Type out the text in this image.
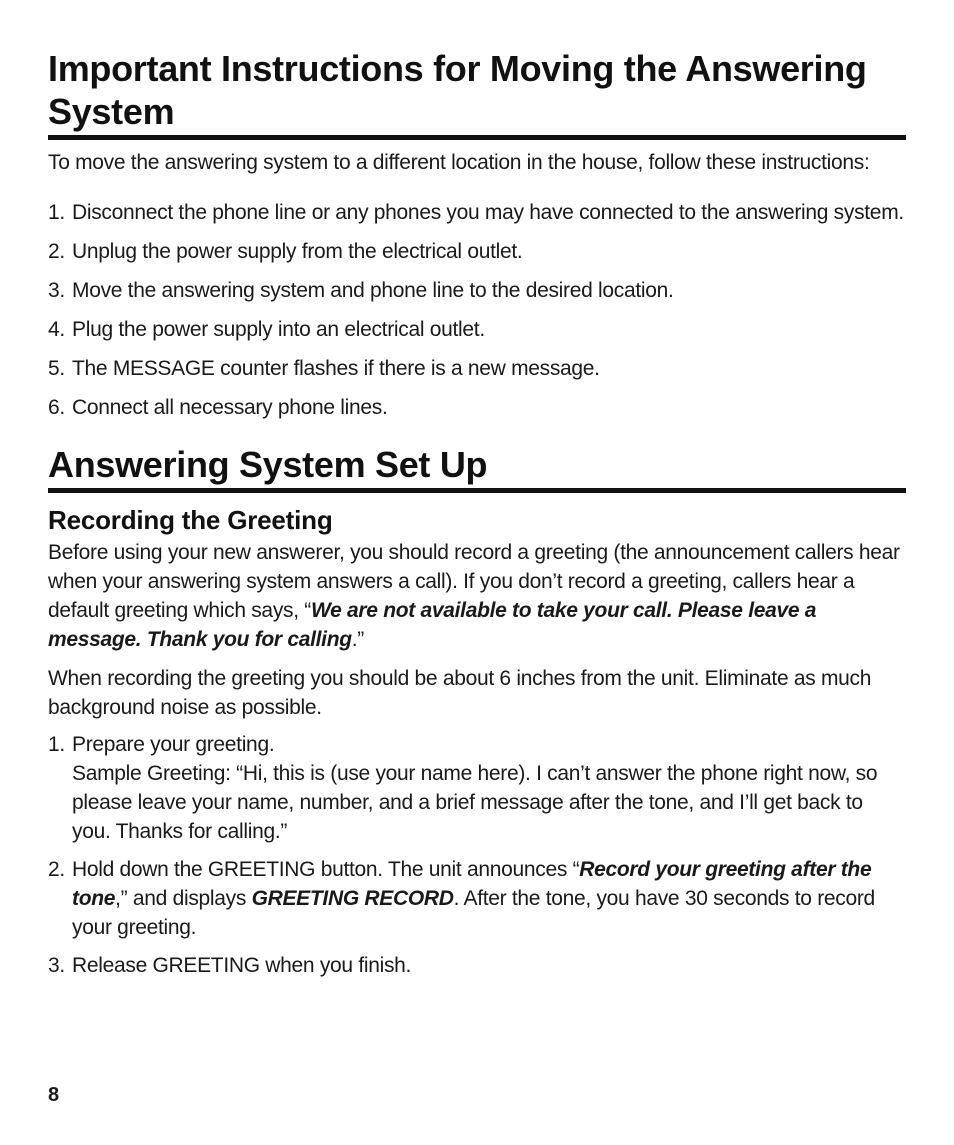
Important Instructions for Moving the Answering System

To move the answering system to a different location in the house, follow these instructions:

1. Disconnect the phone line or any phones you may have connected to the answering system.
2. Unplug the power supply from the electrical outlet.
3. Move the answering system and phone line to the desired location.
4. Plug the power supply into an electrical outlet.
5. The MESSAGE counter flashes if there is a new message.
6. Connect all necessary phone lines.
Answering System Set Up
Recording the Greeting

Before using your new answerer, you should record a greeting (the announcement callers hear when your answering system answers a call). If you don’t record a greeting, callers hear a default greeting which says, “We are not available to take your call. Please leave a message. Thank you for calling.”

When recording the greeting you should be about 6 inches from the unit. Eliminate as much background noise as possible.

1. Prepare your greeting.
Sample Greeting: “Hi, this is (use your name here). I can’t answer the phone right now, so please leave your name, number, and a brief message after the tone, and I’ll get back to you. Thanks for calling.”
2. Hold down the GREETING button. The unit announces “Record your greeting after the tone,” and displays GREETING RECORD. After the tone, you have 30 seconds to record your greeting.
3. Release GREETING when you finish.
8
